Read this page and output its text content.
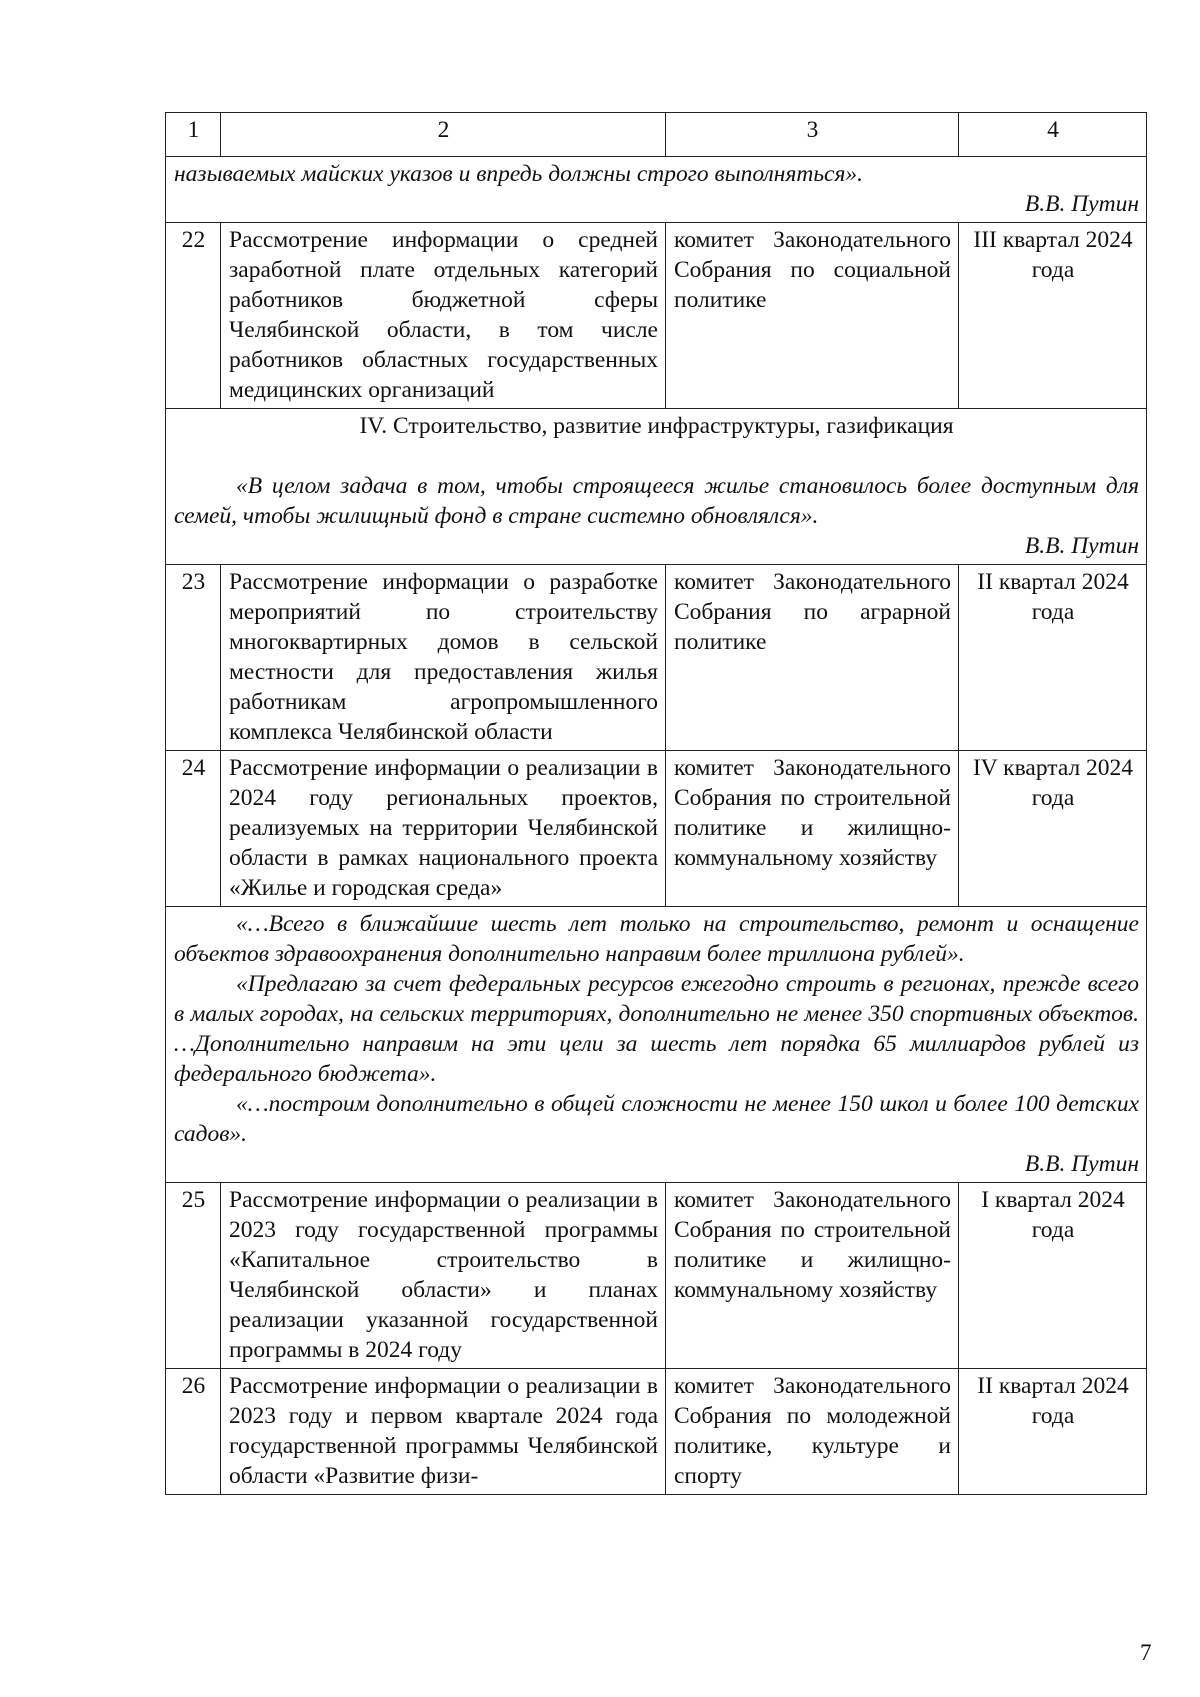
1	2	3	4

называемых майских указов и впредь должны строго выполняться».

В.В. Путин			

22	Рассмотрение информации о средней заработной плате отдельных категорий работников бюджетной сферы Челябинской области, в том числе работников областных государственных медицинских организаций	комитет Законодательного Собрания по социальной политике	III квартал 2024 года

IV. Строительство, развитие инфраструктуры, газификация

«В целом задача в том, чтобы строящееся жилье становилось более доступным для семей, чтобы жилищный фонд в стране системно обновлялся».

В.В. Путин			

23	Рассмотрение информации о разработке мероприятий по строительству многоквартирных домов в сельской местности для предоставления жилья работникам агропромышленного комплекса Челябинской области	комитет Законодательного Собрания по аграрной политике	II квартал 2024 года
24	Рассмотрение информации о реализации в 2024 году региональных проектов, реализуемых на территории Челябинской области в рамках национального проекта «Жилье и городская среда»	комитет Законодательного Собрания по строительной политике и жилищно-коммунальному хозяйству	IV квартал 2024 года

«…Всего в ближайшие шесть лет только на строительство, ремонт и оснащение объектов здравоохранения дополнительно направим более триллиона рублей».

«Предлагаю за счет федеральных ресурсов ежегодно строить в регионах, прежде всего в малых городах, на сельских территориях, дополнительно не менее 350 спортивных объектов. …Дополнительно направим на эти цели за шесть лет порядка 65 миллиардов рублей из федерального бюджета».

«…построим дополнительно в общей сложности не менее 150 школ и более 100 детских садов».

В.В. Путин			

25	Рассмотрение информации о реализации в 2023 году государственной программы «Капитальное строительство в Челябинской области» и планах реализации указанной государственной программы в 2024 году	комитет Законодательного Собрания по строительной политике и жилищно-коммунальному хозяйству	I квартал 2024 года
26	Рассмотрение информации о реализации в 2023 году и первом квартале 2024 года государственной программы Челябинской области «Развитие физи-	комитет Законодательного Собрания по молодежной политике, культуре и спорту	II квартал 2024 года
7
